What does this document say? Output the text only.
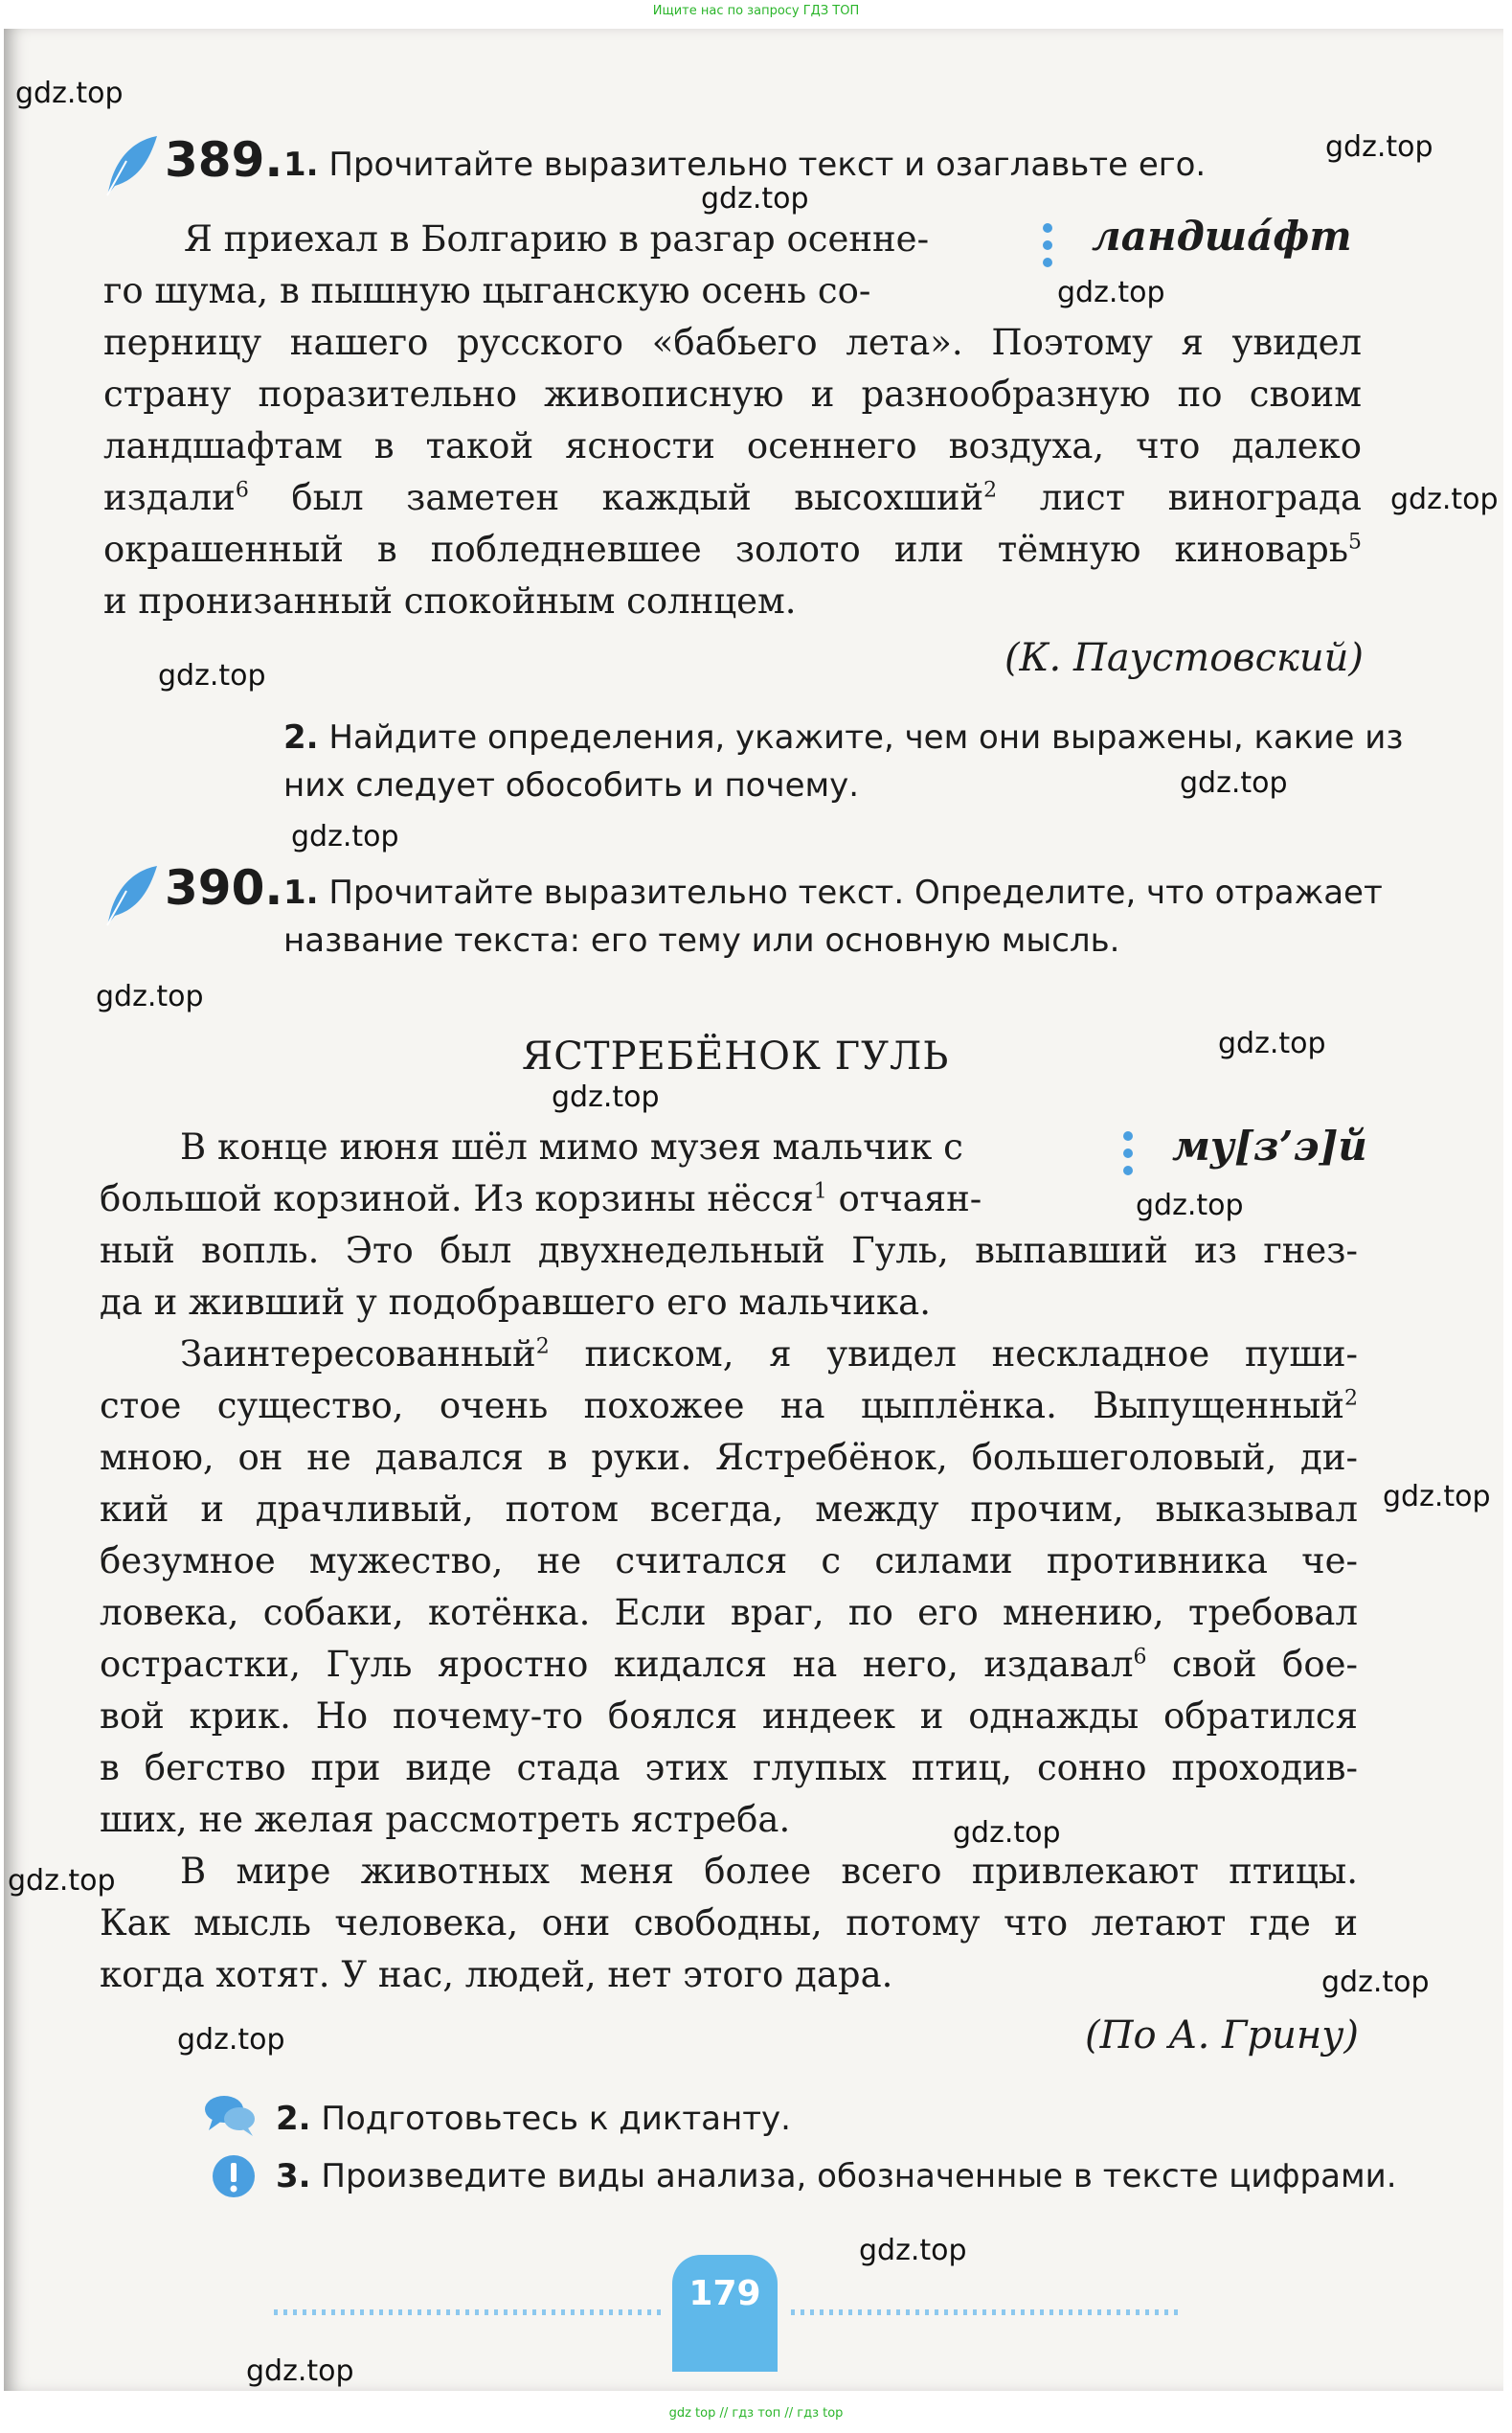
Ищите нас по запросу ГДЗ ТОП
gdz.top
gdz.top
gdz.top
gdz.top
gdz.top
gdz.top
gdz.top
gdz.top
gdz.top
gdz.top
gdz.top
gdz.top
gdz.top
gdz.top
gdz.top
gdz.top
gdz.top
gdz.top
gdz.top
389. 1. Прочитайте выразительно текст и озаглавьте его.
Я приехал в Болгарию в разгар осенне-	ландша́фт
го шума, в пышную цыганскую осень со-
перницу нашего русского «бабьего лета». Поэтому я увидел
страну поразительно живописную и разнообразную по своим
ландшафтам в такой ясности осеннего воздуха, что далеко
издали$^6$ был заметен каждый высохший$^2$ лист винограда
окрашенный в побледневшее золото или тёмную киноварь$^5$
и пронизанный спокойным солнцем.
(К. Паустовский)
2. Найдите определения, укажите, чем они выражены, какие из
них следует обособить и почему.
390. 1. Прочитайте выразительно текст. Определите, что отражает
название текста: его тему или основную мысль.
ЯСТРЕБЁНОК ГУЛЬ
В конце июня шёл мимо музея мальчик с	му[з’э]й
большой корзиной. Из корзины нёсся$^1$ отчаян-
ный вопль. Это был двухнедельный Гуль, выпавший из гнез-
да и живший у подобравшего его мальчика.
Заинтересованный$^2$ писком, я увидел нескладное пуши-
стое существо, очень похожее на цыплёнка. Выпущенный$^2$
мною, он не давался в руки. Ястребёнок, большеголовый, ди-
кий и драчливый, потом всегда, между прочим, выказывал
безумное мужество, не считался с силами противника че-
ловека, собаки, котёнка. Если враг, по его мнению, требовал
острастки, Гуль яростно кидался на него, издавал$^6$ свой бое-
вой крик. Но почему-то боялся индеек и однажды обратился
в бегство при виде стада этих глупых птиц, сонно проходив-
ших, не желая рассмотреть ястреба.
В мире животных меня более всего привлекают птицы.
Как мысль человека, они свободны, потому что летают где и
когда хотят. У нас, людей, нет этого дара.
(По А. Грину)
2. Подготовьтесь к диктанту.
3. Произведите виды анализа, обозначенные в тексте цифрами.
179
gdz top // гдз топ // гдз top
